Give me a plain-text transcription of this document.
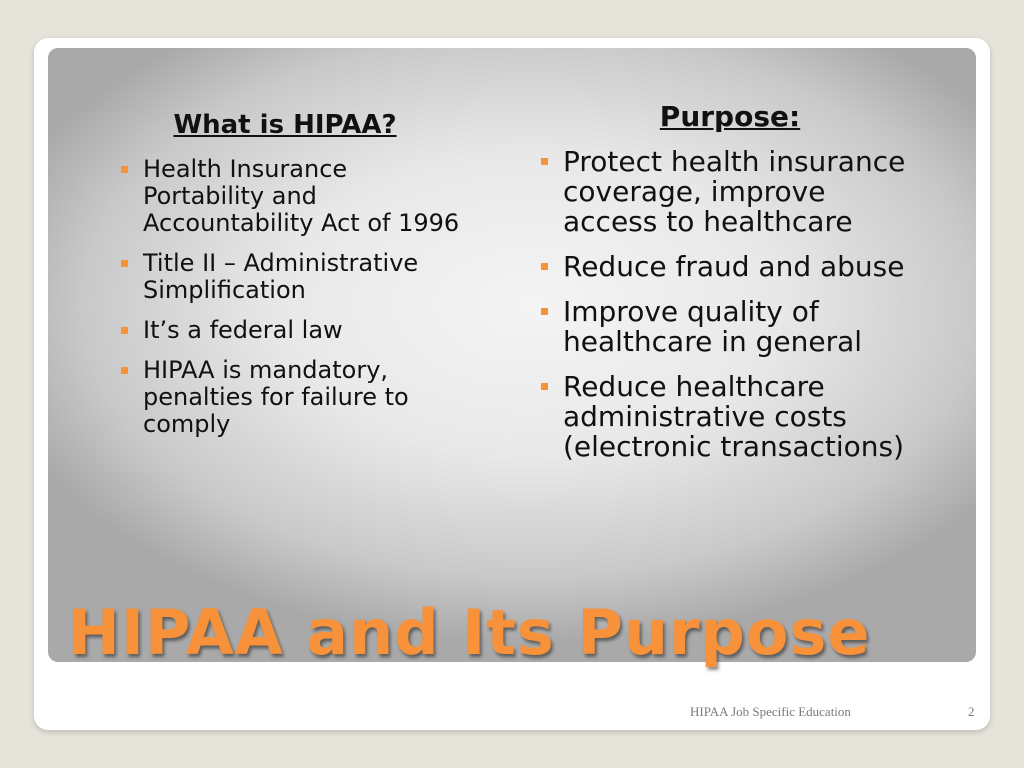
What is HIPAA?
Health Insurance Portability and Accountability Act of 1996
Title II – Administrative Simplification
It’s a federal law
HIPAA is mandatory, penalties for failure to comply
Purpose:
Protect health insurance coverage, improve access to healthcare
Reduce fraud and abuse
Improve quality of healthcare in general
Reduce healthcare administrative costs (electronic transactions)
HIPAA and Its Purpose
HIPAA Job Specific Education	2
